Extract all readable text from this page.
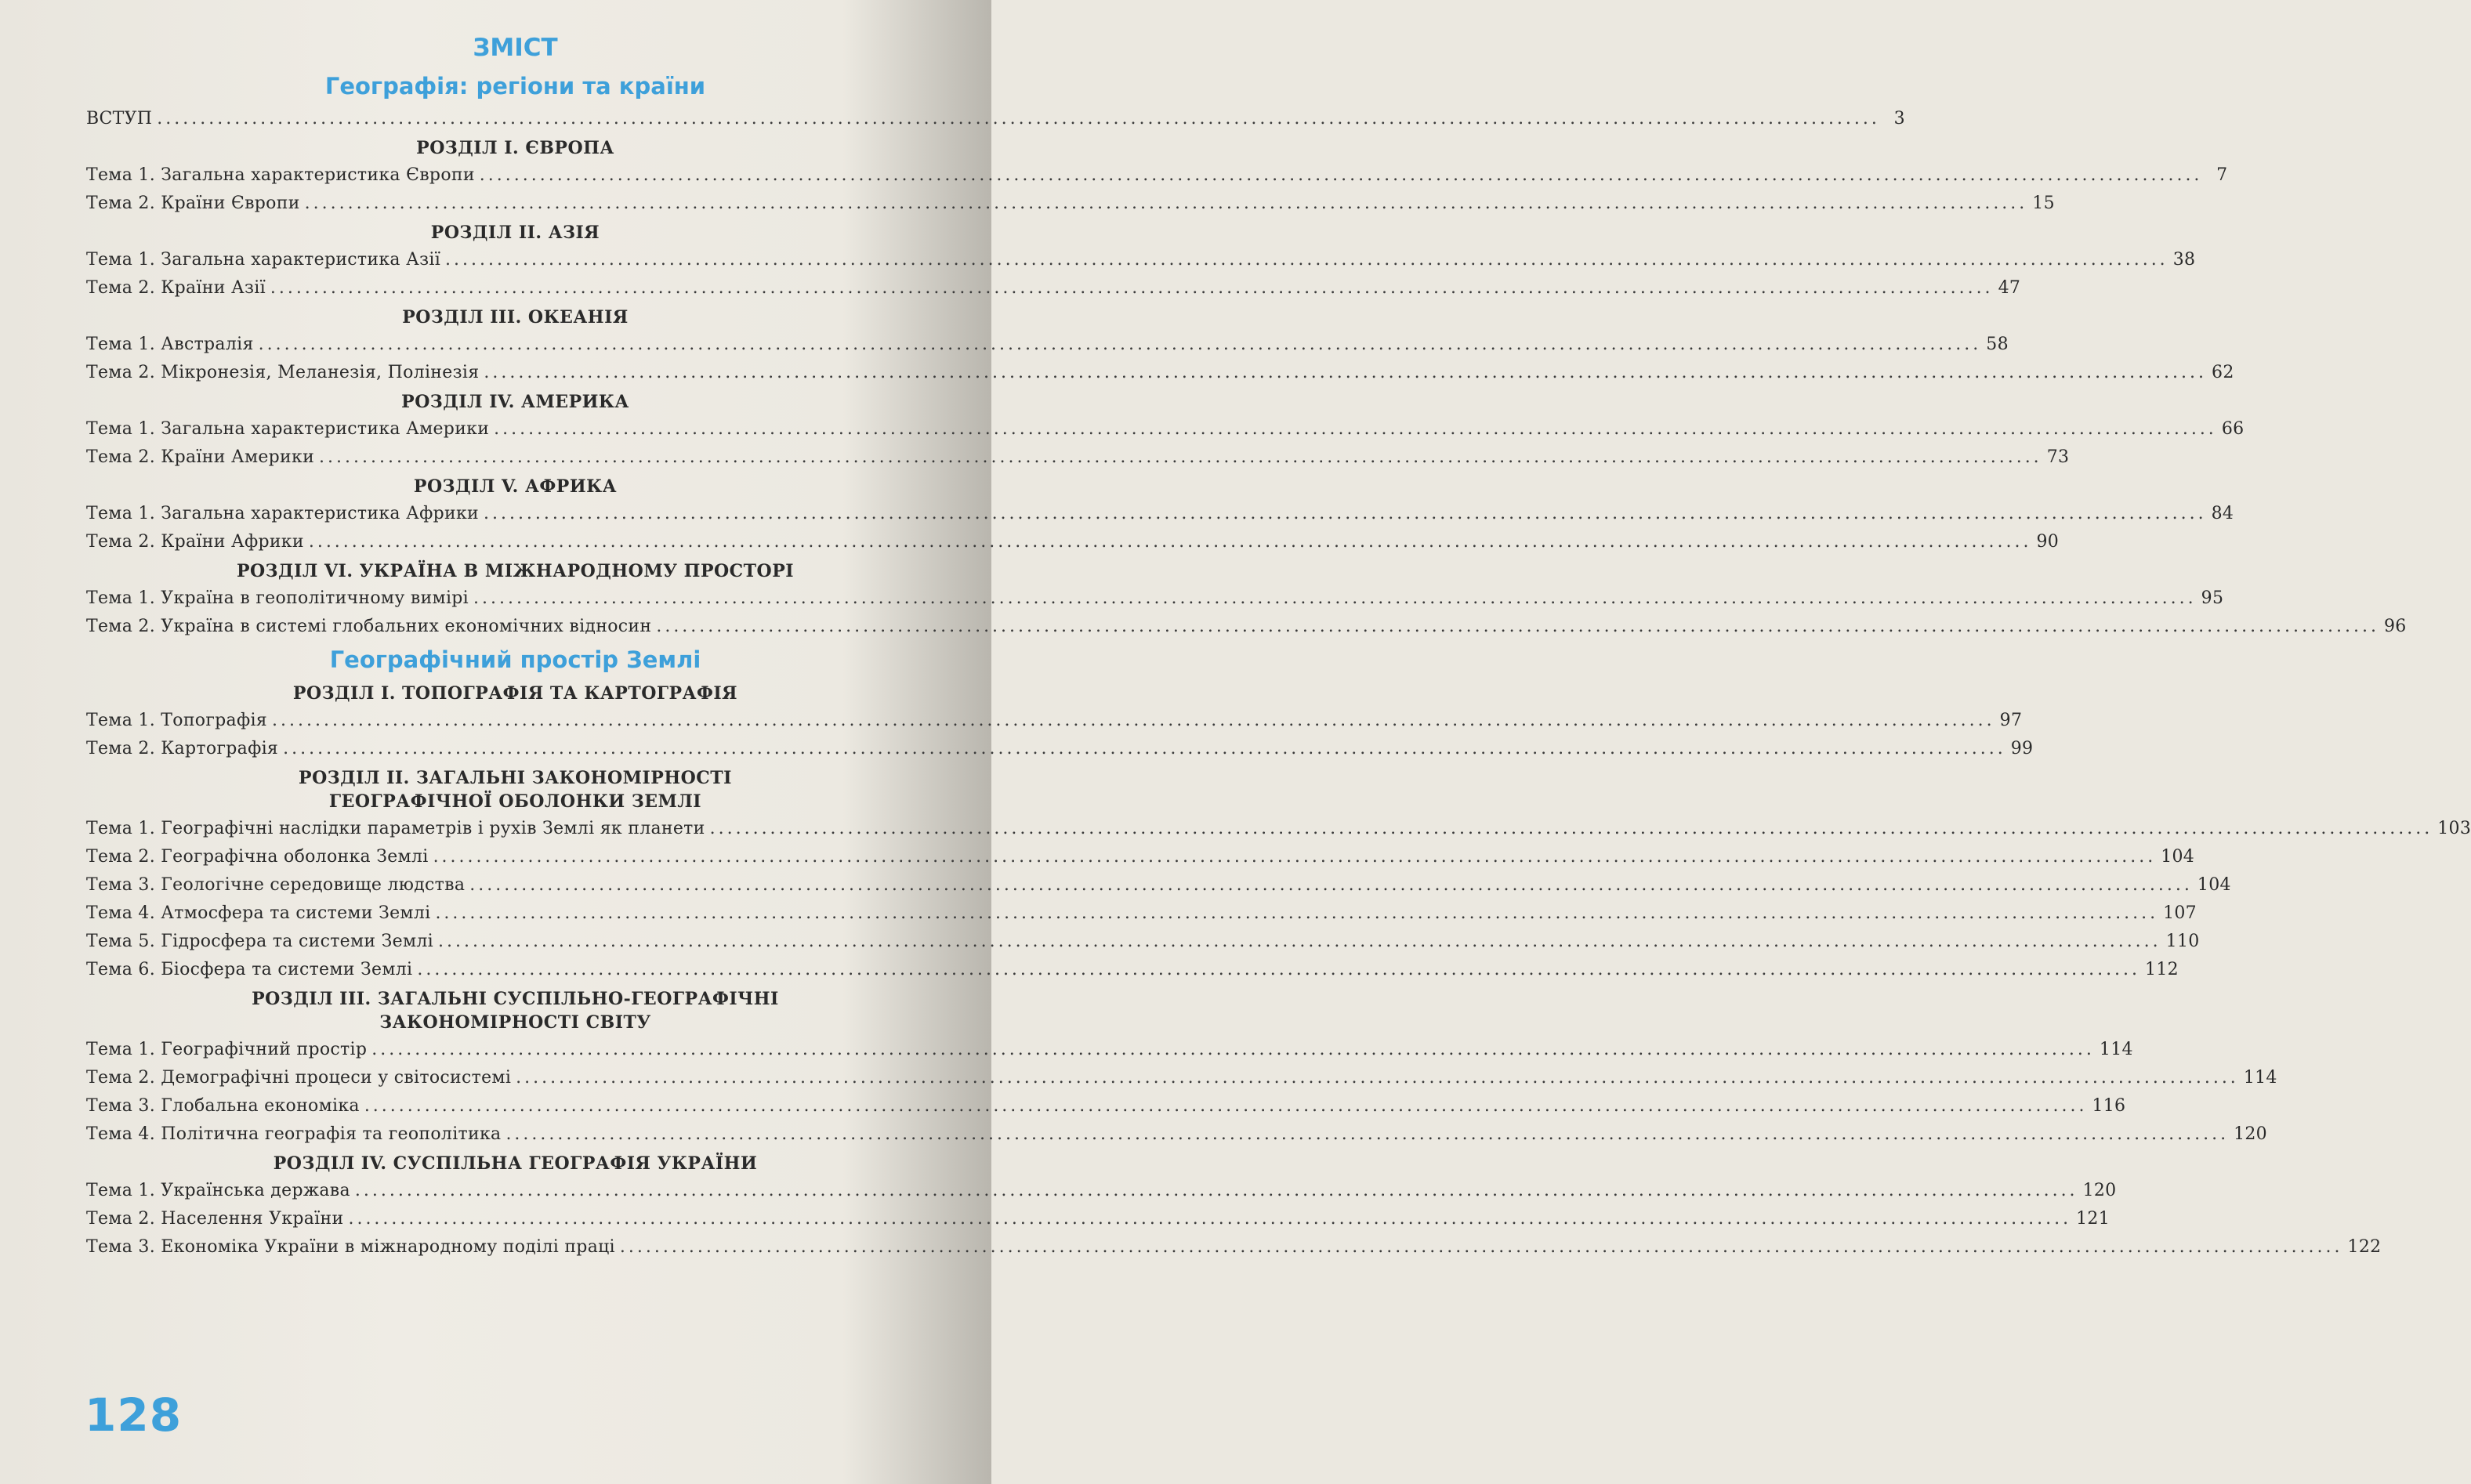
ЗМІСТ
Географія: регіони та країни
ВСТУП ........................................................................................................................................................................................................ 3
РОЗДІЛ I. ЄВРОПА
Тема 1. Загальна характеристика Європи ........................................................................................................................................................................................................ 7
Тема 2. Країни Європи ........................................................................................................................................................................................................ 15
РОЗДІЛ II. АЗІЯ
Тема 1. Загальна характеристика Азії ........................................................................................................................................................................................................ 38
Тема 2. Країни Азії ........................................................................................................................................................................................................ 47
РОЗДІЛ III. ОКЕАНІЯ
Тема 1. Австралія ........................................................................................................................................................................................................ 58
Тема 2. Мікронезія, Меланезія, Полінезія ........................................................................................................................................................................................................ 62
РОЗДІЛ IV. АМЕРИКА
Тема 1. Загальна характеристика Америки ........................................................................................................................................................................................................ 66
Тема 2. Країни Америки ........................................................................................................................................................................................................ 73
РОЗДІЛ V. АФРИКА
Тема 1. Загальна характеристика Африки ........................................................................................................................................................................................................ 84
Тема 2. Країни Африки ........................................................................................................................................................................................................ 90
РОЗДІЛ VI. УКРАЇНА В МІЖНАРОДНОМУ ПРОСТОРІ
Тема 1. Україна в геополітичному вимірі ........................................................................................................................................................................................................ 95
Тема 2. Україна в системі глобальних економічних відносин ........................................................................................................................................................................................................ 96
Географічний простір Землі
РОЗДІЛ I. ТОПОГРАФІЯ ТА КАРТОГРАФІЯ
Тема 1. Топографія ........................................................................................................................................................................................................ 97
Тема 2. Картографія ........................................................................................................................................................................................................ 99
РОЗДІЛ II. ЗАГАЛЬНІ ЗАКОНОМІРНОСТІ
ГЕОГРАФІЧНОЇ ОБОЛОНКИ ЗЕМЛІ
Тема 1. Географічні наслідки параметрів і рухів Землі як планети ........................................................................................................................................................................................................ 103
Тема 2. Географічна оболонка Землі ........................................................................................................................................................................................................ 104
Тема 3. Геологічне середовище людства ........................................................................................................................................................................................................ 104
Тема 4. Атмосфера та системи Землі ........................................................................................................................................................................................................ 107
Тема 5. Гідросфера та системи Землі ........................................................................................................................................................................................................ 110
Тема 6. Біосфера та системи Землі ........................................................................................................................................................................................................ 112
РОЗДІЛ III. ЗАГАЛЬНІ СУСПІЛЬНО-ГЕОГРАФІЧНІ
ЗАКОНОМІРНОСТІ СВІТУ
Тема 1. Географічний простір ........................................................................................................................................................................................................ 114
Тема 2. Демографічні процеси у світосистемі ........................................................................................................................................................................................................ 114
Тема 3. Глобальна економіка ........................................................................................................................................................................................................ 116
Тема 4. Політична географія та геополітика ........................................................................................................................................................................................................ 120
РОЗДІЛ IV. СУСПІЛЬНА ГЕОГРАФІЯ УКРАЇНИ
Тема 1. Українська держава ........................................................................................................................................................................................................ 120
Тема 2. Населення України ........................................................................................................................................................................................................ 121
Тема 3. Економіка України в міжнародному поділі праці ........................................................................................................................................................................................................ 122
128
